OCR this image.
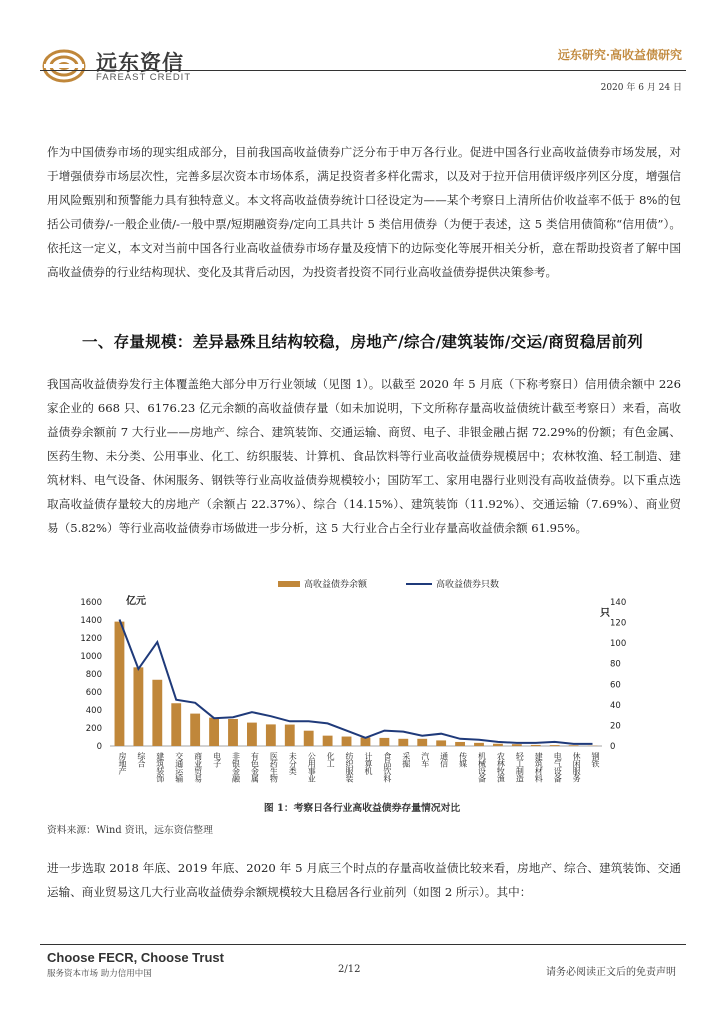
远东资信
FAREAST CREDIT
远东研究·高收益债研究
2020 年 6 月 24 日
作为中国债券市场的现实组成部分，目前我国高收益债券广泛分布于申万各行业。促进中国各行业高收益债券市场发展，对于增强债券市场层次性，完善多层次资本市场体系，满足投资者多样化需求，以及对于拉开信用债评级序列区分度，增强信用风险甄别和预警能力具有独特意义。本文将高收益债券统计口径设定为——某个考察日上清所估价收益率不低于 8%的包括公司债券/-一般企业债/-一般中票/短期融资券/定向工具共计 5 类信用债券（为便于表述，这 5 类信用债简称“信用债”）。依托这一定义，本文对当前中国各行业高收益债券市场存量及疫情下的边际变化等展开相关分析，意在帮助投资者了解中国高收益债券的行业结构现状、变化及其背后动因，为投资者投资不同行业高收益债券提供决策参考。
一、存量规模：差异悬殊且结构较稳，房地产/综合/建筑装饰/交运/商贸稳居前列
我国高收益债券发行主体覆盖绝大部分申万行业领域（见图 1）。以截至 2020 年 5 月底（下称考察日）信用债余额中 226 家企业的 668 只、6176.23 亿元余额的高收益债存量（如未加说明，下文所称存量高收益债统计截至考察日）来看，高收益债券余额前 7 大行业——房地产、综合、建筑装饰、交通运输、商贸、电子、非银金融占据 72.29%的份额；有色金属、医药生物、未分类、公用事业、化工、纺织服装、计算机、食品饮料等行业高收益债券规模居中；农林牧渔、轻工制造、建筑材料、电气设备、休闲服务、钢铁等行业高收益债券规模较小；国防军工、家用电器行业则没有高收益债券。以下重点选取高收益债存量较大的房地产（余额占 22.37%）、综合（14.15%）、建筑装饰（11.92%）、交通运输（7.69%）、商业贸易（5.82%）等行业高收益债券市场做进一步分析，这 5 大行业合占全行业存量高收益债余额 61.95%。
0
200
400
600
800
1000
1200
1400
1600
0
20
40
60
80
100
120
140
亿元
只
房地产 综合 建筑装饰 交通运输 商业贸易 电子 非银金融 有色金属 医药生物 未分类 公用事业 化工 纺织服装 计算机 食品饮料 采掘 汽车 通信 传媒 机械设备 农林牧渔 轻工制造 建筑材料 电气设备 休闲服务 钢铁
高收益债券余额	高收益债券只数
图 1：考察日各行业高收益债券存量情况对比
资料来源：Wind 资讯，远东资信整理
进一步选取 2018 年底、2019 年底、2020 年 5 月底三个时点的存量高收益债比较来看，房地产、综合、建筑装饰、交通运输、商业贸易这几大行业高收益债券余额规模较大且稳居各行业前列（如图 2 所示）。其中：
Choose FECR, Choose Trust
服务资本市场 助力信用中国	2/12	请务必阅读正文后的免责声明
